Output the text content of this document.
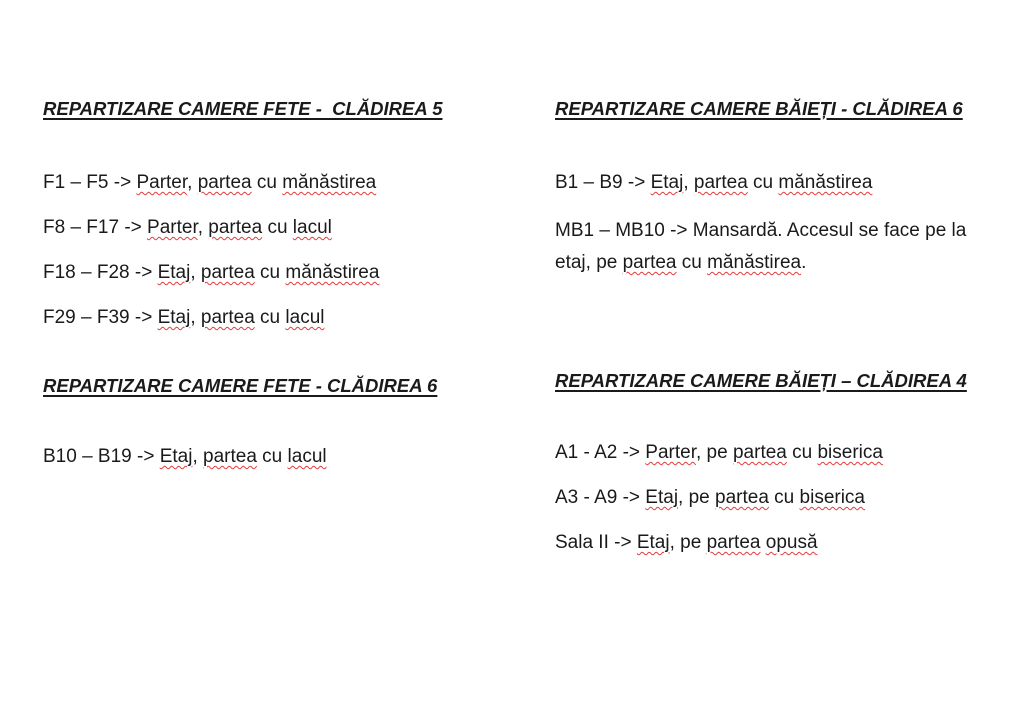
REPARTIZARE CAMERE FETE -  CLĂDIREA 5

F1 – F5 -> Parter, partea cu mănăstirea

F8 – F17 -> Parter, partea cu lacul

F18 – F28 -> Etaj, partea cu mănăstirea

F29 – F39 -> Etaj, partea cu lacul

REPARTIZARE CAMERE FETE - CLĂDIREA 6

B10 – B19 -> Etaj, partea cu lacul

REPARTIZARE CAMERE BĂIEȚI - CLĂDIREA 6

B1 – B9 -> Etaj, partea cu mănăstirea

MB1 – MB10 -> Mansardă. Accesul se face pe la etaj, pe partea cu mănăstirea.

REPARTIZARE CAMERE BĂIEȚI – CLĂDIREA 4

A1 - A2 -> Parter, pe partea cu biserica

A3 - A9 -> Etaj, pe partea cu biserica

Sala II -> Etaj, pe partea opusă
